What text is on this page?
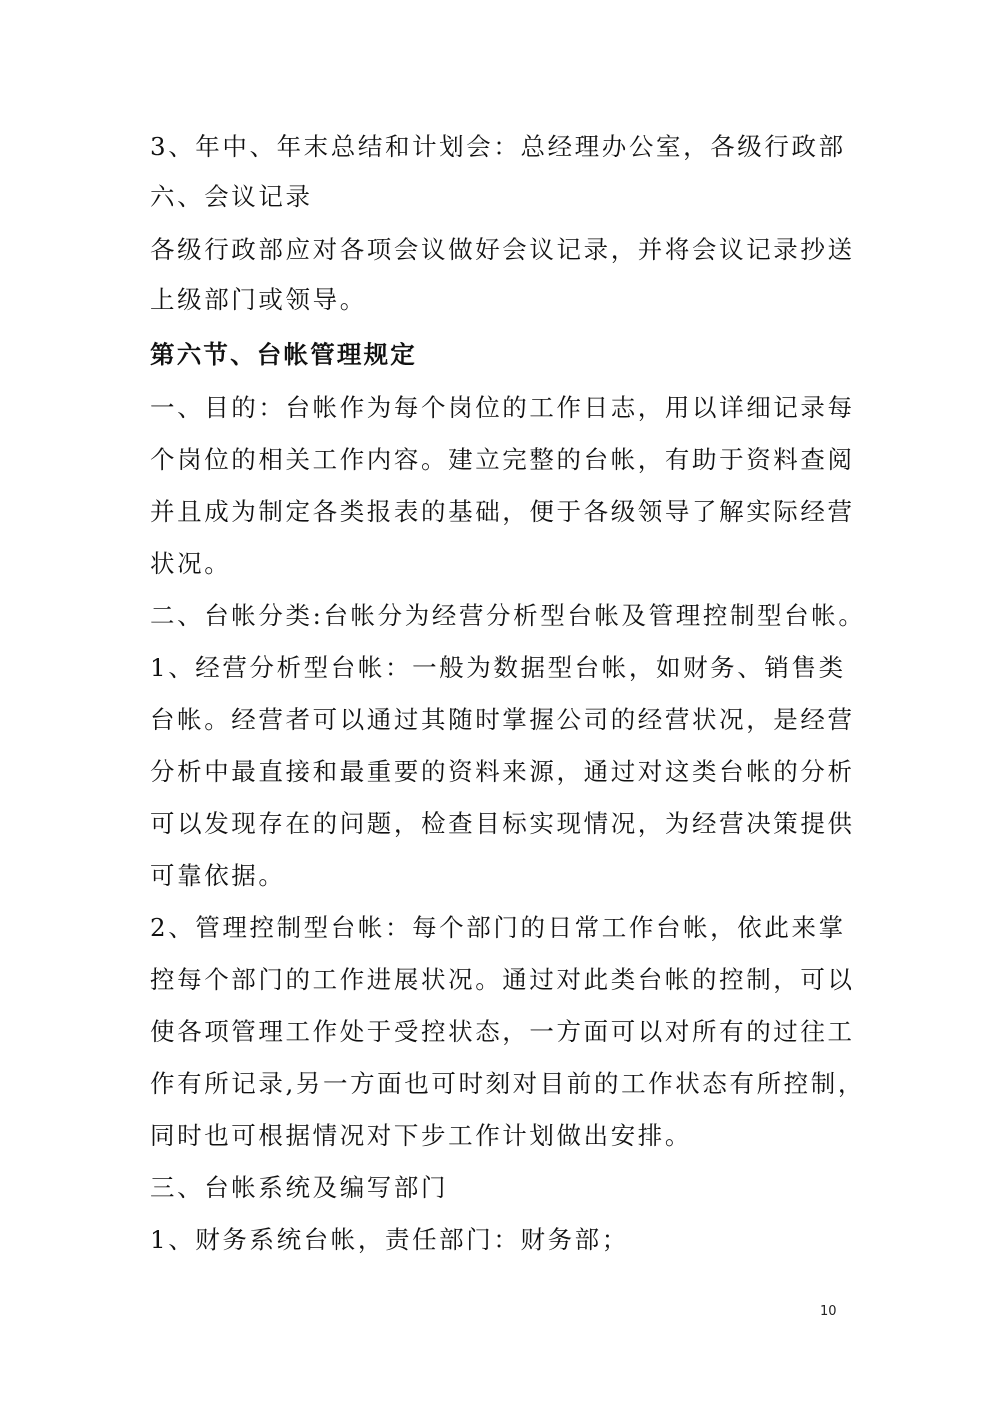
3、年中、年末总结和计划会：总经理办公室，各级行政部
六、会议记录
各级行政部应对各项会议做好会议记录，并将会议记录抄送
上级部门或领导。
第六节、台帐管理规定
一、目的：台帐作为每个岗位的工作日志，用以详细记录每
个岗位的相关工作内容。建立完整的台帐，有助于资料查阅
并且成为制定各类报表的基础，便于各级领导了解实际经营
状况。
二、台帐分类:台帐分为经营分析型台帐及管理控制型台帐。
1、经营分析型台帐：一般为数据型台帐，如财务、销售类
台帐。经营者可以通过其随时掌握公司的经营状况，是经营
分析中最直接和最重要的资料来源，通过对这类台帐的分析
可以发现存在的问题，检查目标实现情况，为经营决策提供
可靠依据。
2、管理控制型台帐：每个部门的日常工作台帐，依此来掌
控每个部门的工作进展状况。通过对此类台帐的控制，可以
使各项管理工作处于受控状态，一方面可以对所有的过往工
作有所记录,另一方面也可时刻对目前的工作状态有所控制，
同时也可根据情况对下步工作计划做出安排。
三、台帐系统及编写部门
1、财务系统台帐，责任部门：财务部；
10
